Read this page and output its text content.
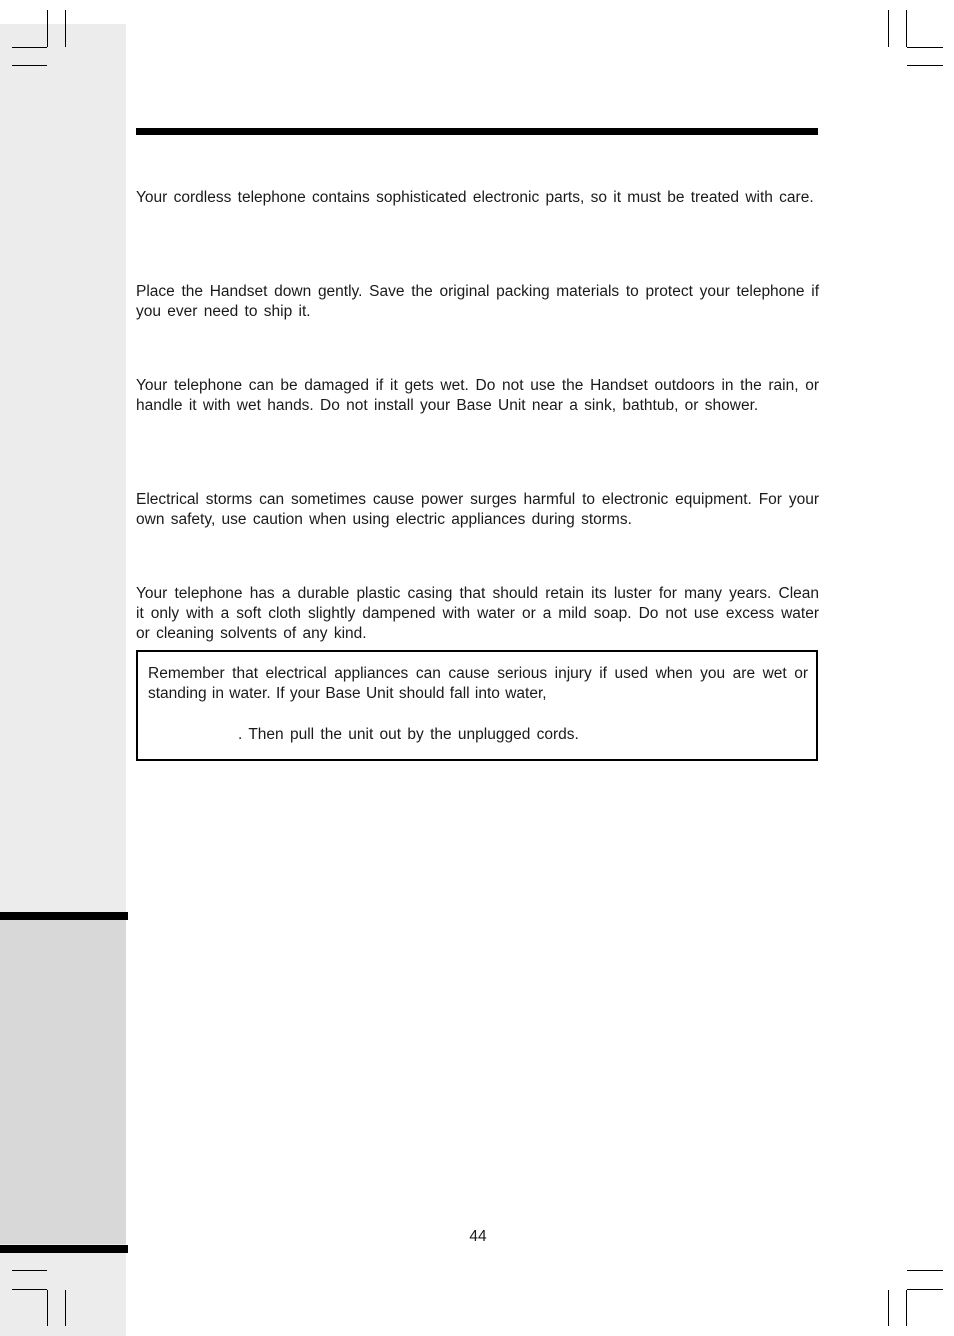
Your cordless telephone contains sophisticated electronic parts, so it must be treated with care.

Place the Handset down gently. Save the original packing materials to protect your telephone if you ever need to ship it.

Your telephone can be damaged if it gets wet. Do not use the Handset outdoors in the rain, or handle it with wet hands. Do not install your Base Unit near a sink, bathtub, or shower.

Electrical storms can sometimes cause power surges harmful to electronic equipment. For your own safety, use caution when using electric appliances during storms.

Your telephone has a durable plastic casing that should retain its luster for many years. Clean it only with a soft cloth slightly dampened with water or a mild soap. Do not use excess water or cleaning solvents of any kind.

Remember that electrical appliances can cause serious injury if used when you are wet or standing in water. If your Base Unit should fall into water,

. Then pull the unit out by the unplugged cords.

44
